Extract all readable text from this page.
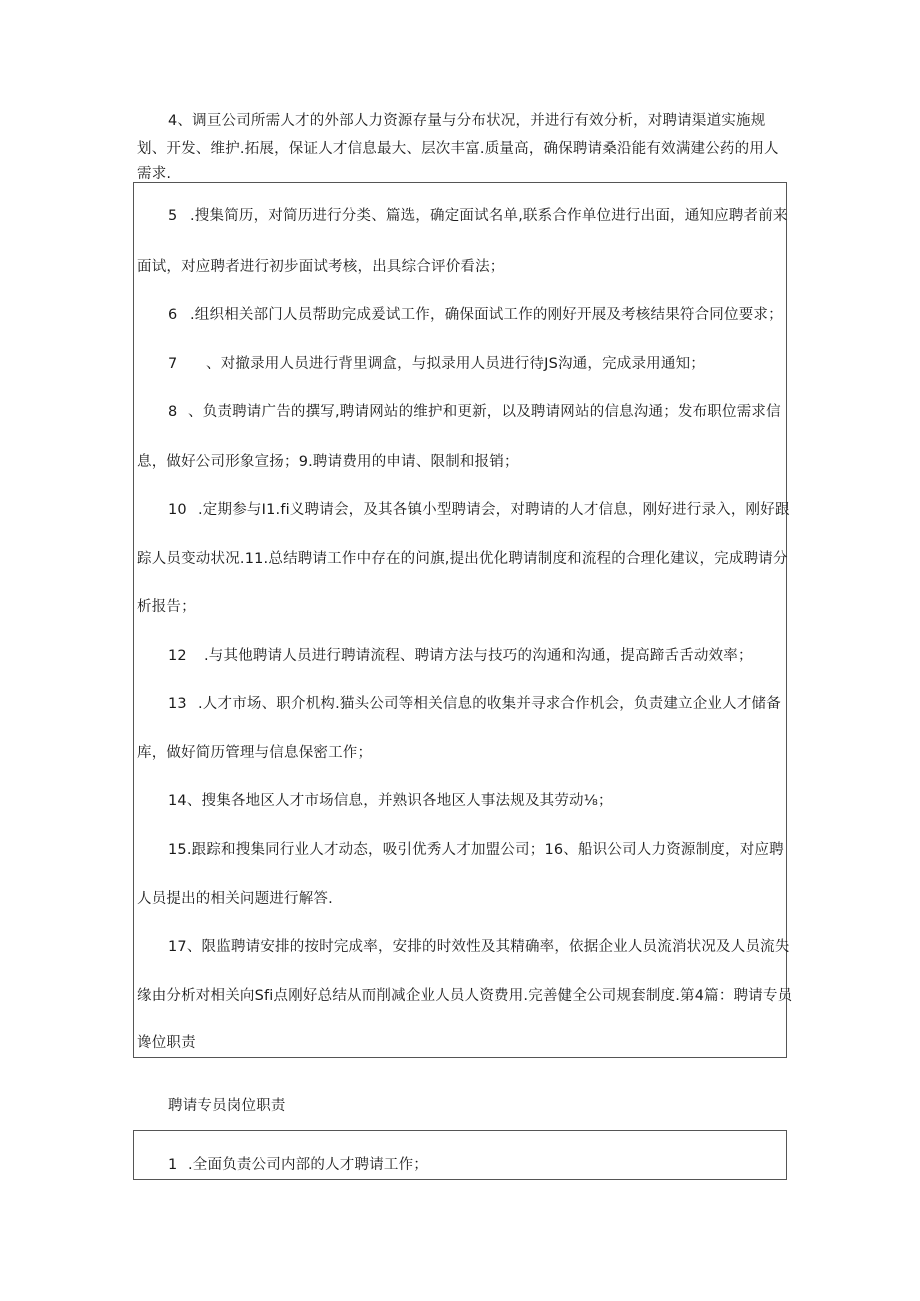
4、调亘公司所需人才的外部人力资源存量与分布状况，并进行有效分析，对聘请渠道实施规
划、开发、维护.拓展，保证人才信息最大、层次丰富.质量高，确保聘请桑沿能有效满建公药的用人
需求.
5 .搜集简历，对简历进行分类、篇选，确定面试名单,联系合作单位进行出面，通知应聘者前来
面试，对应聘者进行初步面试考核，出具综合评价看法；
6 .组织相关部门人员帮助完成爰试工作，确保面试工作的刚好开展及考核结果符合同位要求；
7 、对撤录用人员进行背里调盒，与拟录用人员进行待JS沟通，完成录用通知；
8 、负责聘请广告的撰写,聘请网站的维护和更新，以及聘请网站的信息沟通；发布职位需求信
息，做好公司形象宣扬；9.聘请费用的申请、限制和报销；
10 .定期参与I1.fi义聘请会，及其各镇小型聘请会，对聘请的人才信息，刚好进行录入，刚好跟
踪人员变动状况.11.总结聘请工作中存在的问旗,提出优化聘请制度和流程的合理化建议，完成聘请分
析报告；
12 .与其他聘请人员进行聘请流程、聘请方法与技巧的沟通和沟通，提高蹄舌舌动效率；
13 .人才市场、职介机构.猫头公司等相关信息的收集并寻求合作机会，负责建立企业人才储备
库，做好简历管理与信息保密工作；
14、搜集各地区人才市场信息，并熟识各地区人事法规及其劳动⅛；
15.跟踪和搜集同行业人才动态，吸引优秀人才加盟公司；16、船识公司人力资源制度，对应聘
人员提出的相关问题进行解答.
17、限监聘请安排的按时完成率，安排的时效性及其精确率，依据企业人员流消状况及人员流失
缘由分析对相关向Sfi点刚好总结从而削减企业人员人资费用.完善健全公司规套制度.第4篇：聘请专员
谗位职责
聘请专员岗位职责
1 .全面负责公司内部的人才聘请工作；
